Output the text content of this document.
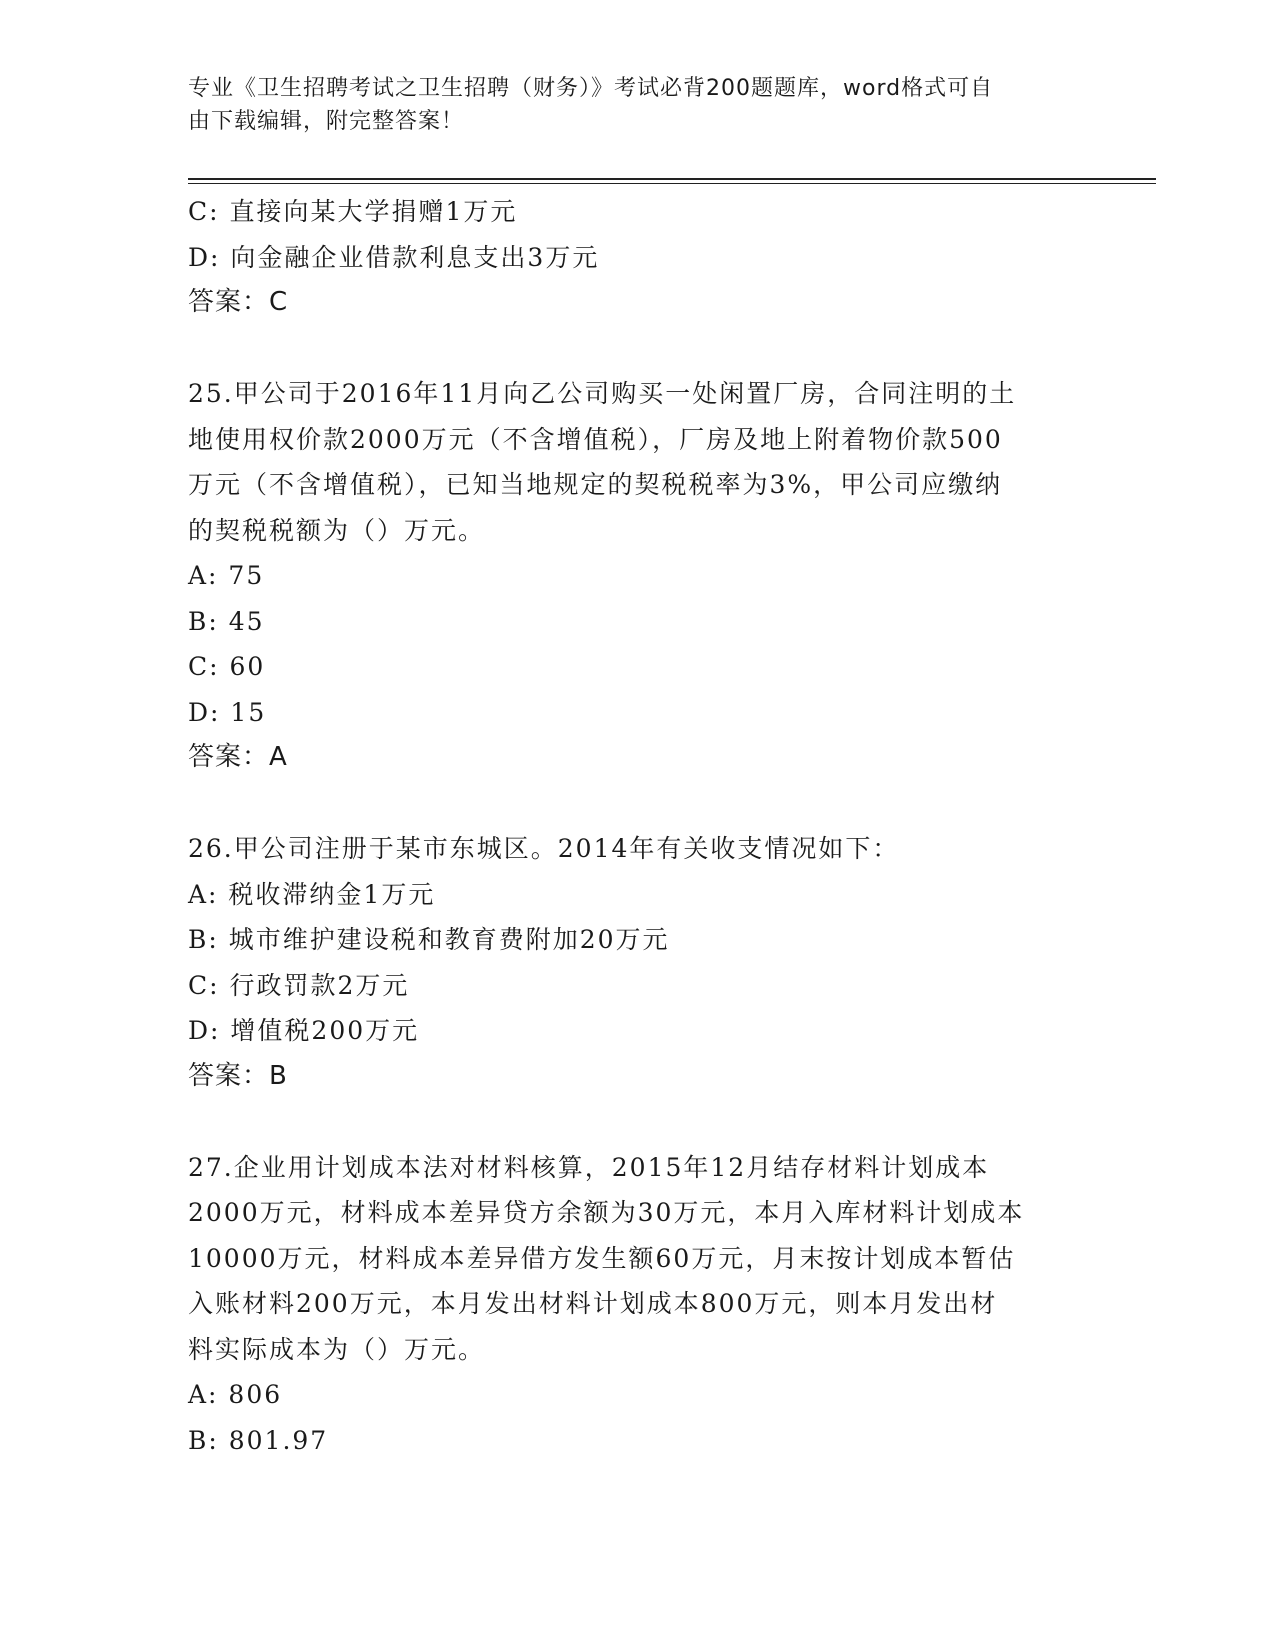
专业《卫生招聘考试之卫生招聘（财务）》考试必背200题题库，word格式可自
由下载编辑，附完整答案！
C: 直接向某大学捐赠1万元
D: 向金融企业借款利息支出3万元
答案：C
25.甲公司于2016年11月向乙公司购买一处闲置厂房，合同注明的土
地使用权价款2000万元（不含增值税），厂房及地上附着物价款500
万元（不含增值税），已知当地规定的契税税率为3%，甲公司应缴纳
的契税税额为（）万元。
A: 75
B: 45
C: 60
D: 15
答案：A
26.甲公司注册于某市东城区。2014年有关收支情况如下：
A: 税收滞纳金1万元
B: 城市维护建设税和教育费附加20万元
C: 行政罚款2万元
D: 增值税200万元
答案：B
27.企业用计划成本法对材料核算，2015年12月结存材料计划成本
2000万元，材料成本差异贷方余额为30万元，本月入库材料计划成本
10000万元，材料成本差异借方发生额60万元，月末按计划成本暂估
入账材料200万元，本月发出材料计划成本800万元，则本月发出材
料实际成本为（）万元。
A: 806
B: 801.97
